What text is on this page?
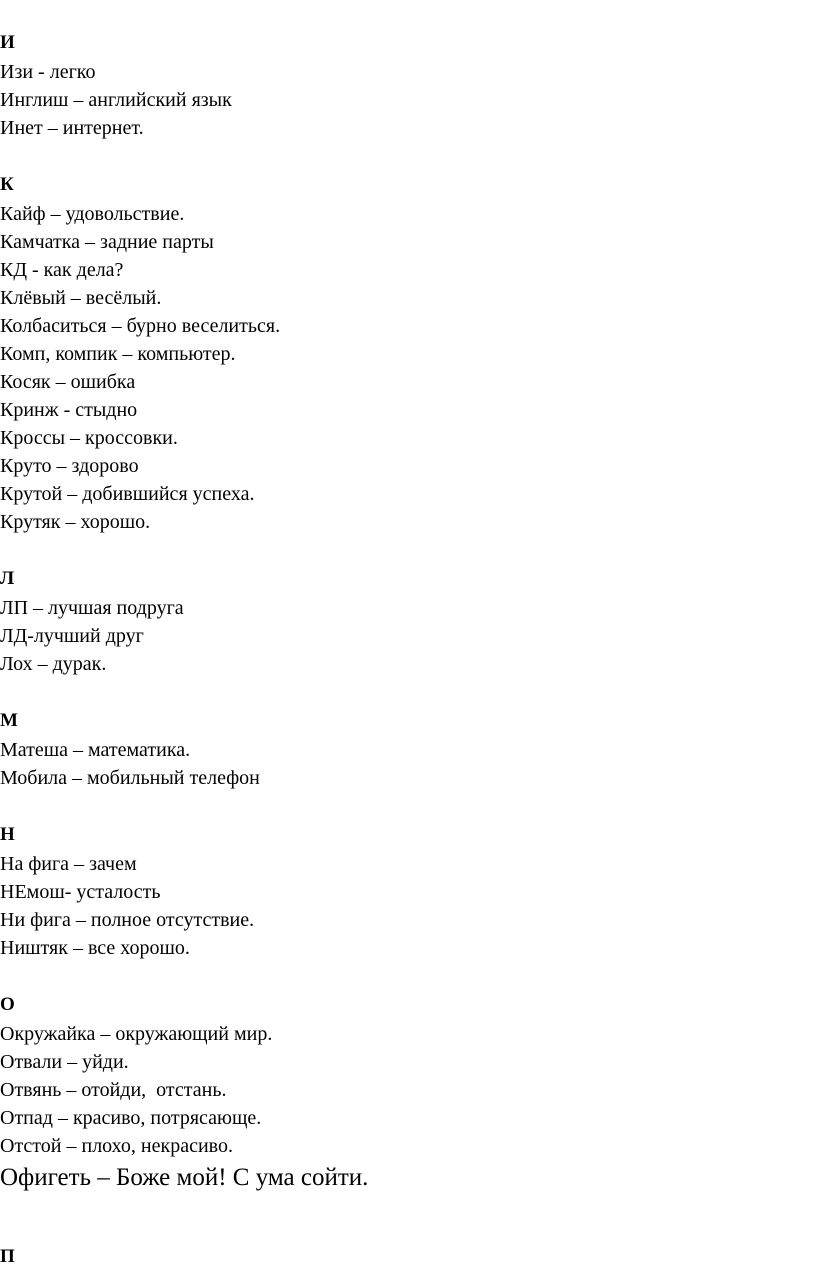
И
Изи - легко
Инглиш – английский язык
Инет – интернет.
К
Кайф – удовольствие.
Камчатка – задние парты
КД - как дела?
Клёвый – весёлый.
Колбаситься – бурно веселиться.
Комп, компик – компьютер.
Косяк – ошибка
Кринж - стыдно
Кроссы – кроссовки.
Круто – здорово
Крутой – добившийся успеха.
Крутяк – хорошо.
Л
ЛП – лучшая подруга
ЛД-лучший друг
Лох – дурак.
М
Матеша – математика.
Мобила – мобильный телефон
Н
На фига – зачем
НЕмош- усталость
Ни фига – полное отсутствие.
Ништяк – все хорошо.
О
Окружайка – окружающий мир.
Отвали – уйди.
Отвянь – отойди,  отстань.
Отпад – красиво, потрясающе.
Отстой – плохо, некрасиво.
Офигеть – Боже мой! С ума сойти.
П
